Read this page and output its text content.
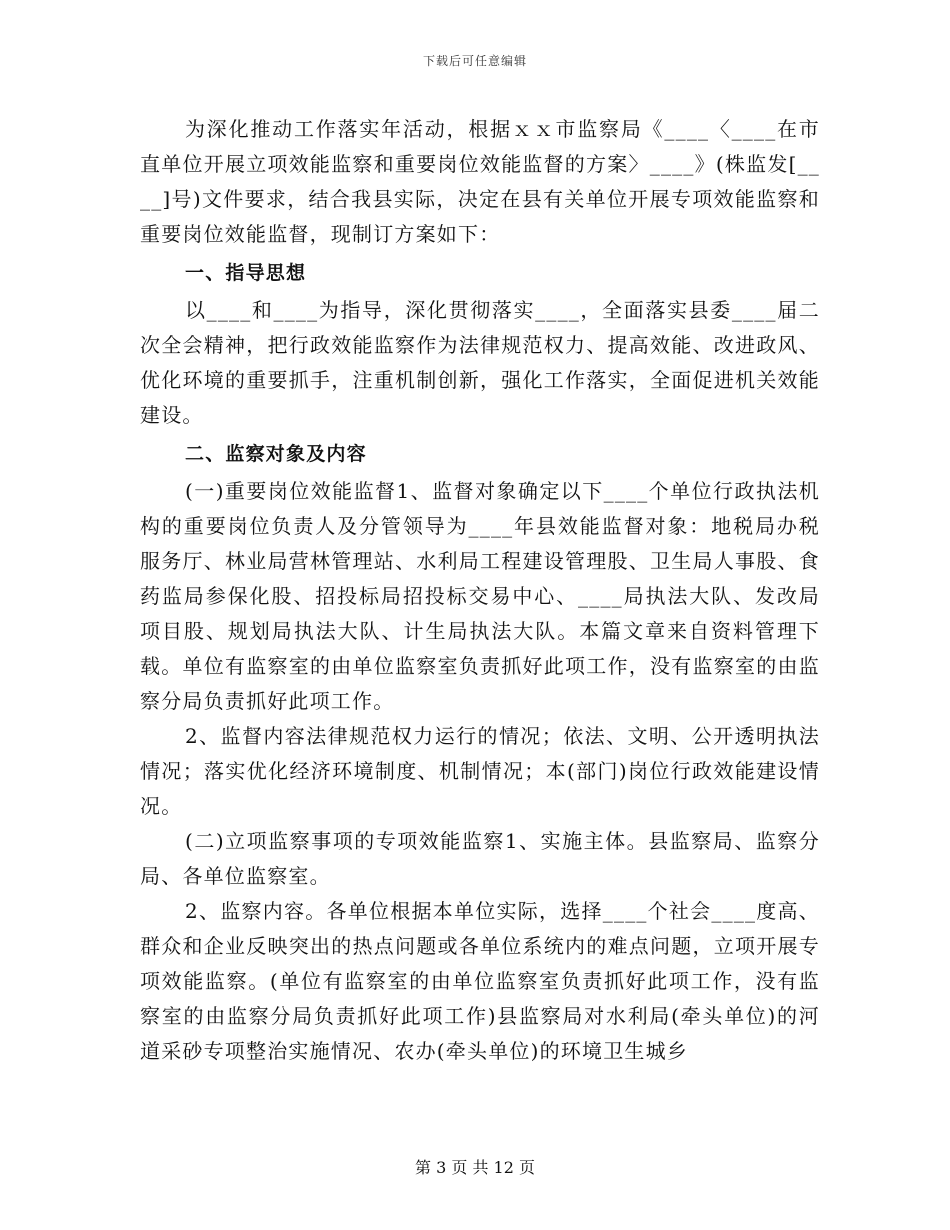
下载后可任意编辑

为深化推动工作落实年活动，根据ｘｘ市监察局《____〈____在市直单位开展立项效能监察和重要岗位效能监督的方案〉____》(株监发[____]号)文件要求，结合我县实际，决定在县有关单位开展专项效能监察和重要岗位效能监督，现制订方案如下：

一、指导思想

以____和____为指导，深化贯彻落实____，全面落实县委____届二次全会精神，把行政效能监察作为法律规范权力、提高效能、改进政风、优化环境的重要抓手，注重机制创新，强化工作落实，全面促进机关效能建设。

二、监察对象及内容

(一)重要岗位效能监督1、监督对象确定以下____个单位行政执法机构的重要岗位负责人及分管领导为____年县效能监督对象：地税局办税服务厅、林业局营林管理站、水利局工程建设管理股、卫生局人事股、食药监局参保化股、招投标局招投标交易中心、____局执法大队、发改局项目股、规划局执法大队、计生局执法大队。本篇文章来自资料管理下载。单位有监察室的由单位监察室负责抓好此项工作，没有监察室的由监察分局负责抓好此项工作。

2、监督内容法律规范权力运行的情况；依法、文明、公开透明执法情况；落实优化经济环境制度、机制情况；本(部门)岗位行政效能建设情况。

(二)立项监察事项的专项效能监察1、实施主体。县监察局、监察分局、各单位监察室。

2、监察内容。各单位根据本单位实际，选择____个社会____度高、群众和企业反映突出的热点问题或各单位系统内的难点问题，立项开展专项效能监察。(单位有监察室的由单位监察室负责抓好此项工作，没有监察室的由监察分局负责抓好此项工作)县监察局对水利局(牵头单位)的河道采砂专项整治实施情况、农办(牵头单位)的环境卫生城乡

第 3 页 共 12 页
